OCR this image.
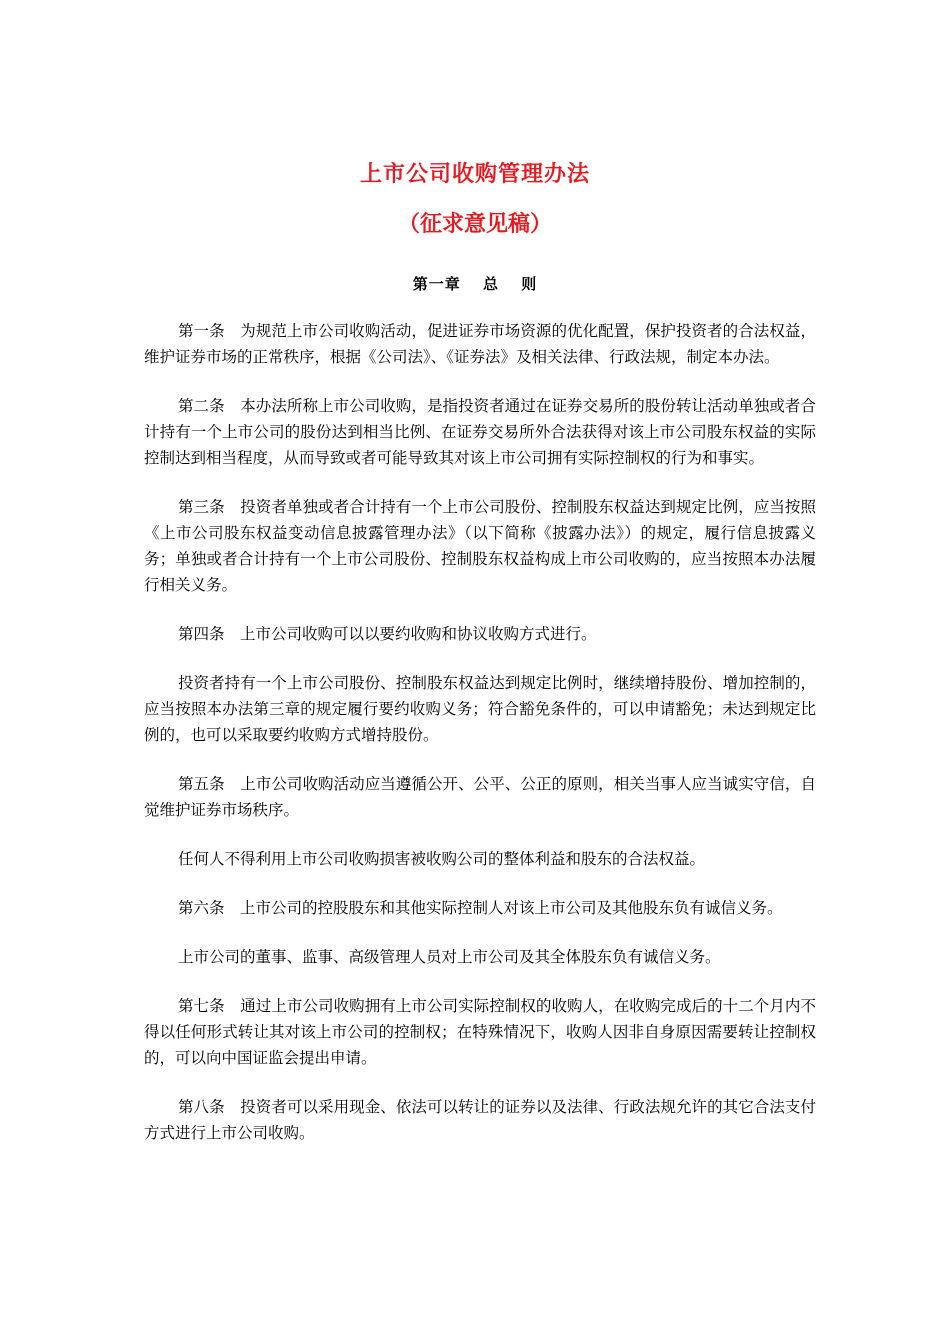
上市公司收购管理办法
（征求意见稿）
第一章　 总　 则

第一条　为规范上市公司收购活动，促进证券市场资源的优化配置，保护投资者的合法权益，维护证券市场的正常秩序，根据《公司法》、《证券法》及相关法律、行政法规，制定本办法。

第二条　本办法所称上市公司收购，是指投资者通过在证券交易所的股份转让活动单独或者合计持有一个上市公司的股份达到相当比例、在证券交易所外合法获得对该上市公司股东权益的实际控制达到相当程度，从而导致或者可能导致其对该上市公司拥有实际控制权的行为和事实。

第三条　投资者单独或者合计持有一个上市公司股份、控制股东权益达到规定比例，应当按照《上市公司股东权益变动信息披露管理办法》（以下简称《披露办法》）的规定，履行信息披露义务；单独或者合计持有一个上市公司股份、控制股东权益构成上市公司收购的，应当按照本办法履行相关义务。

第四条　上市公司收购可以以要约收购和协议收购方式进行。

投资者持有一个上市公司股份、控制股东权益达到规定比例时，继续增持股份、增加控制的，应当按照本办法第三章的规定履行要约收购义务；符合豁免条件的，可以申请豁免；未达到规定比例的，也可以采取要约收购方式增持股份。

第五条　上市公司收购活动应当遵循公开、公平、公正的原则，相关当事人应当诚实守信，自觉维护证券市场秩序。

任何人不得利用上市公司收购损害被收购公司的整体利益和股东的合法权益。

第六条　上市公司的控股股东和其他实际控制人对该上市公司及其他股东负有诚信义务。

上市公司的董事、监事、高级管理人员对上市公司及其全体股东负有诚信义务。

第七条　通过上市公司收购拥有上市公司实际控制权的收购人，在收购完成后的十二个月内不得以任何形式转让其对该上市公司的控制权；在特殊情况下，收购人因非自身原因需要转让控制权的，可以向中国证监会提出申请。

第八条　投资者可以采用现金、依法可以转让的证券以及法律、行政法规允许的其它合法支付方式进行上市公司收购。
